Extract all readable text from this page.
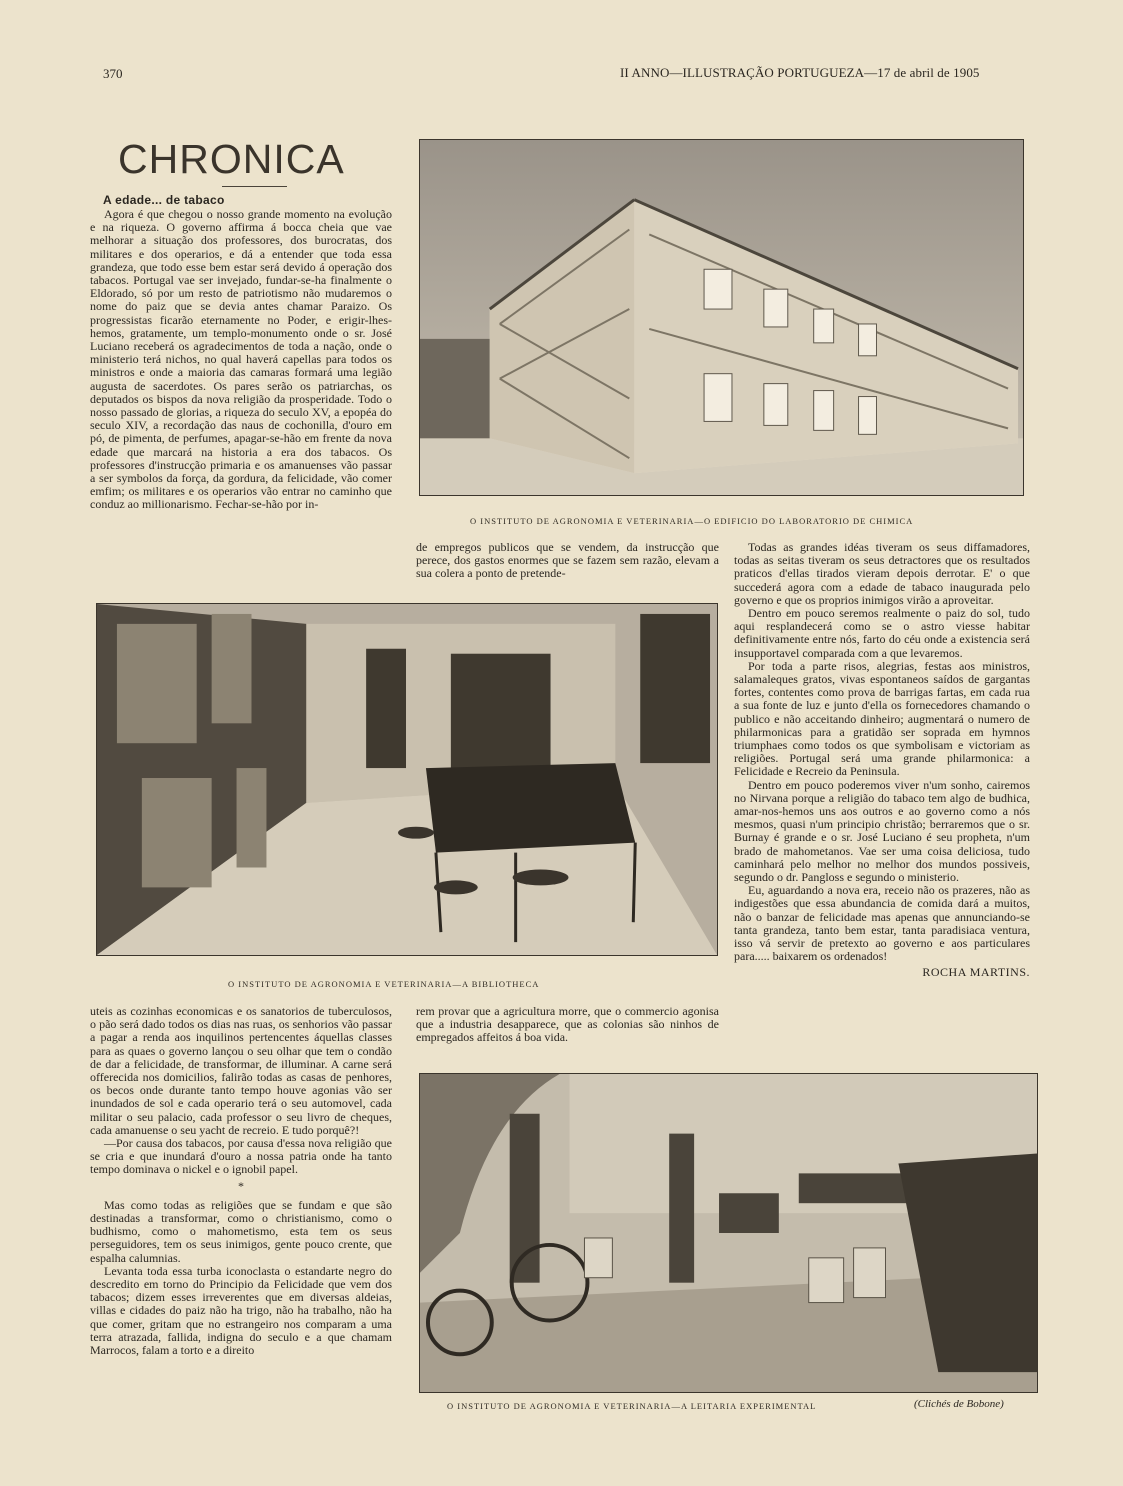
370	II ANNO—ILLUSTRAÇÃO PORTUGUEZA—17 de abril de 1905
CHRONICA
A edade... de tabaco

Agora é que chegou o nosso grande momento na evolução e na riqueza. O governo affirma á bocca cheia que vae melhorar a situação dos professores, dos burocratas, dos militares e dos operarios, e dá a entender que toda essa grandeza, que todo esse bem estar será devido á operação dos tabacos. Portugal vae ser invejado, fundar-se-ha finalmente o Eldorado, só por um resto de patriotismo não mudaremos o nome do paiz que se devia antes chamar Paraizo. Os progressistas ficarão eternamente no Poder, e erigir-lhes-hemos, gratamente, um templo-monumento onde o sr. José Luciano receberá os agradecimentos de toda a nação, onde o ministerio terá nichos, no qual haverá capellas para todos os ministros e onde a maioria das camaras formará uma legião augusta de sacerdotes. Os pares serão os patriarchas, os deputados os bispos da nova religião da prosperidade. Todo o nosso passado de glorias, a riqueza do seculo XV, a epopéa do seculo XIV, a recordação das naus de cochonilla, d'ouro em pó, de pimenta, de perfumes, apagar-se-hão em frente da nova edade que marcará na historia a era dos tabacos. Os professores d'instrucção primaria e os amanuenses vão passar a ser symbolos da força, da gordura, da felicidade, vão comer emfim; os militares e os operarios vão entrar no caminho que conduz ao millionarismo. Fechar-se-hão por in-

O INSTITUTO DE AGRONOMIA E VETERINARIA—O EDIFICIO DO LABORATORIO DE CHIMICA

de empregos publicos que se vendem, da instrucção que perece, dos gastos enormes que se fazem sem razão, elevam a sua colera a ponto de pretende-

Todas as grandes idéas tiveram os seus diffamadores, todas as seitas tiveram os seus detractores que os resultados praticos d'ellas tirados vieram depois derrotar. E' o que succederá agora com a edade de tabaco inaugurada pelo governo e que os proprios inimigos virão a aproveitar.

Dentro em pouco seremos realmente o paiz do sol, tudo aqui resplandecerá como se o astro viesse habitar definitivamente entre nós, farto do céu onde a existencia será insupportavel comparada com a que levaremos.

Por toda a parte risos, alegrias, festas aos ministros, salamaleques gratos, vivas espontaneos saídos de gargantas fortes, contentes como prova de barrigas fartas, em cada rua a sua fonte de luz e junto d'ella os fornecedores chamando o publico e não acceitando dinheiro; augmentará o numero de philarmonicas para a gratidão ser soprada em hymnos triumphaes como todos os que symbolisam e victoriam as religiões. Portugal será uma grande philarmonica: a Felicidade e Recreio da Peninsula.

Dentro em pouco poderemos viver n'um sonho, cairemos no Nirvana porque a religião do tabaco tem algo de budhica, amar-nos-hemos uns aos outros e ao governo como a nós mesmos, quasi n'um principio christão; berraremos que o sr. Burnay é grande e o sr. José Luciano é seu propheta, n'um brado de mahometanos. Vae ser uma coisa deliciosa, tudo caminhará pelo melhor no melhor dos mundos possiveis, segundo o dr. Pangloss e segundo o ministerio.

Eu, aguardando a nova era, receio não os prazeres, não as indigestões que essa abundancia de comida dará a muitos, não o banzar de felicidade mas apenas que annunciando-se tanta grandeza, tanto bem estar, tanta paradisiaca ventura, isso vá servir de pretexto ao governo e aos particulares para..... baixarem os ordenados!

ROCHA MARTINS.
O INSTITUTO DE AGRONOMIA E VETERINARIA—A BIBLIOTHECA

uteis as cozinhas economicas e os sanatorios de tuberculosos, o pão será dado todos os dias nas ruas, os senhorios vão passar a pagar a renda aos inquilinos pertencentes áquellas classes para as quaes o governo lançou o seu olhar que tem o condão de dar a felicidade, de transformar, de illuminar. A carne será offerecida nos domicilios, falirão todas as casas de penhores, os becos onde durante tanto tempo houve agonias vão ser inundados de sol e cada operario terá o seu automovel, cada militar o seu palacio, cada professor o seu livro de cheques, cada amanuense o seu yacht de recreio. E tudo porquê?!

—Por causa dos tabacos, por causa d'essa nova religião que se cria e que inundará d'ouro a nossa patria onde ha tanto tempo dominava o nickel e o ignobil papel.

*

Mas como todas as religiões que se fundam e que são destinadas a transformar, como o christianismo, como o budhismo, como o mahometismo, esta tem os seus perseguidores, tem os seus inimigos, gente pouco crente, que espalha calumnias.

Levanta toda essa turba iconoclasta o estandarte negro do descredito em torno do Principio da Felicidade que vem dos tabacos; dizem esses irreverentes que em diversas aldeias, villas e cidades do paiz não ha trigo, não ha trabalho, não ha que comer, gritam que no estrangeiro nos comparam a uma terra atrazada, fallida, indigna do seculo e a que chamam Marrocos, falam a torto e a direito

rem provar que a agricultura morre, que o commercio agonisa que a industria desapparece, que as colonias são ninhos de empregados affeitos á boa vida.

O INSTITUTO DE AGRONOMIA E VETERINARIA—A LEITARIA EXPERIMENTAL	(Clichés de Bobone)
